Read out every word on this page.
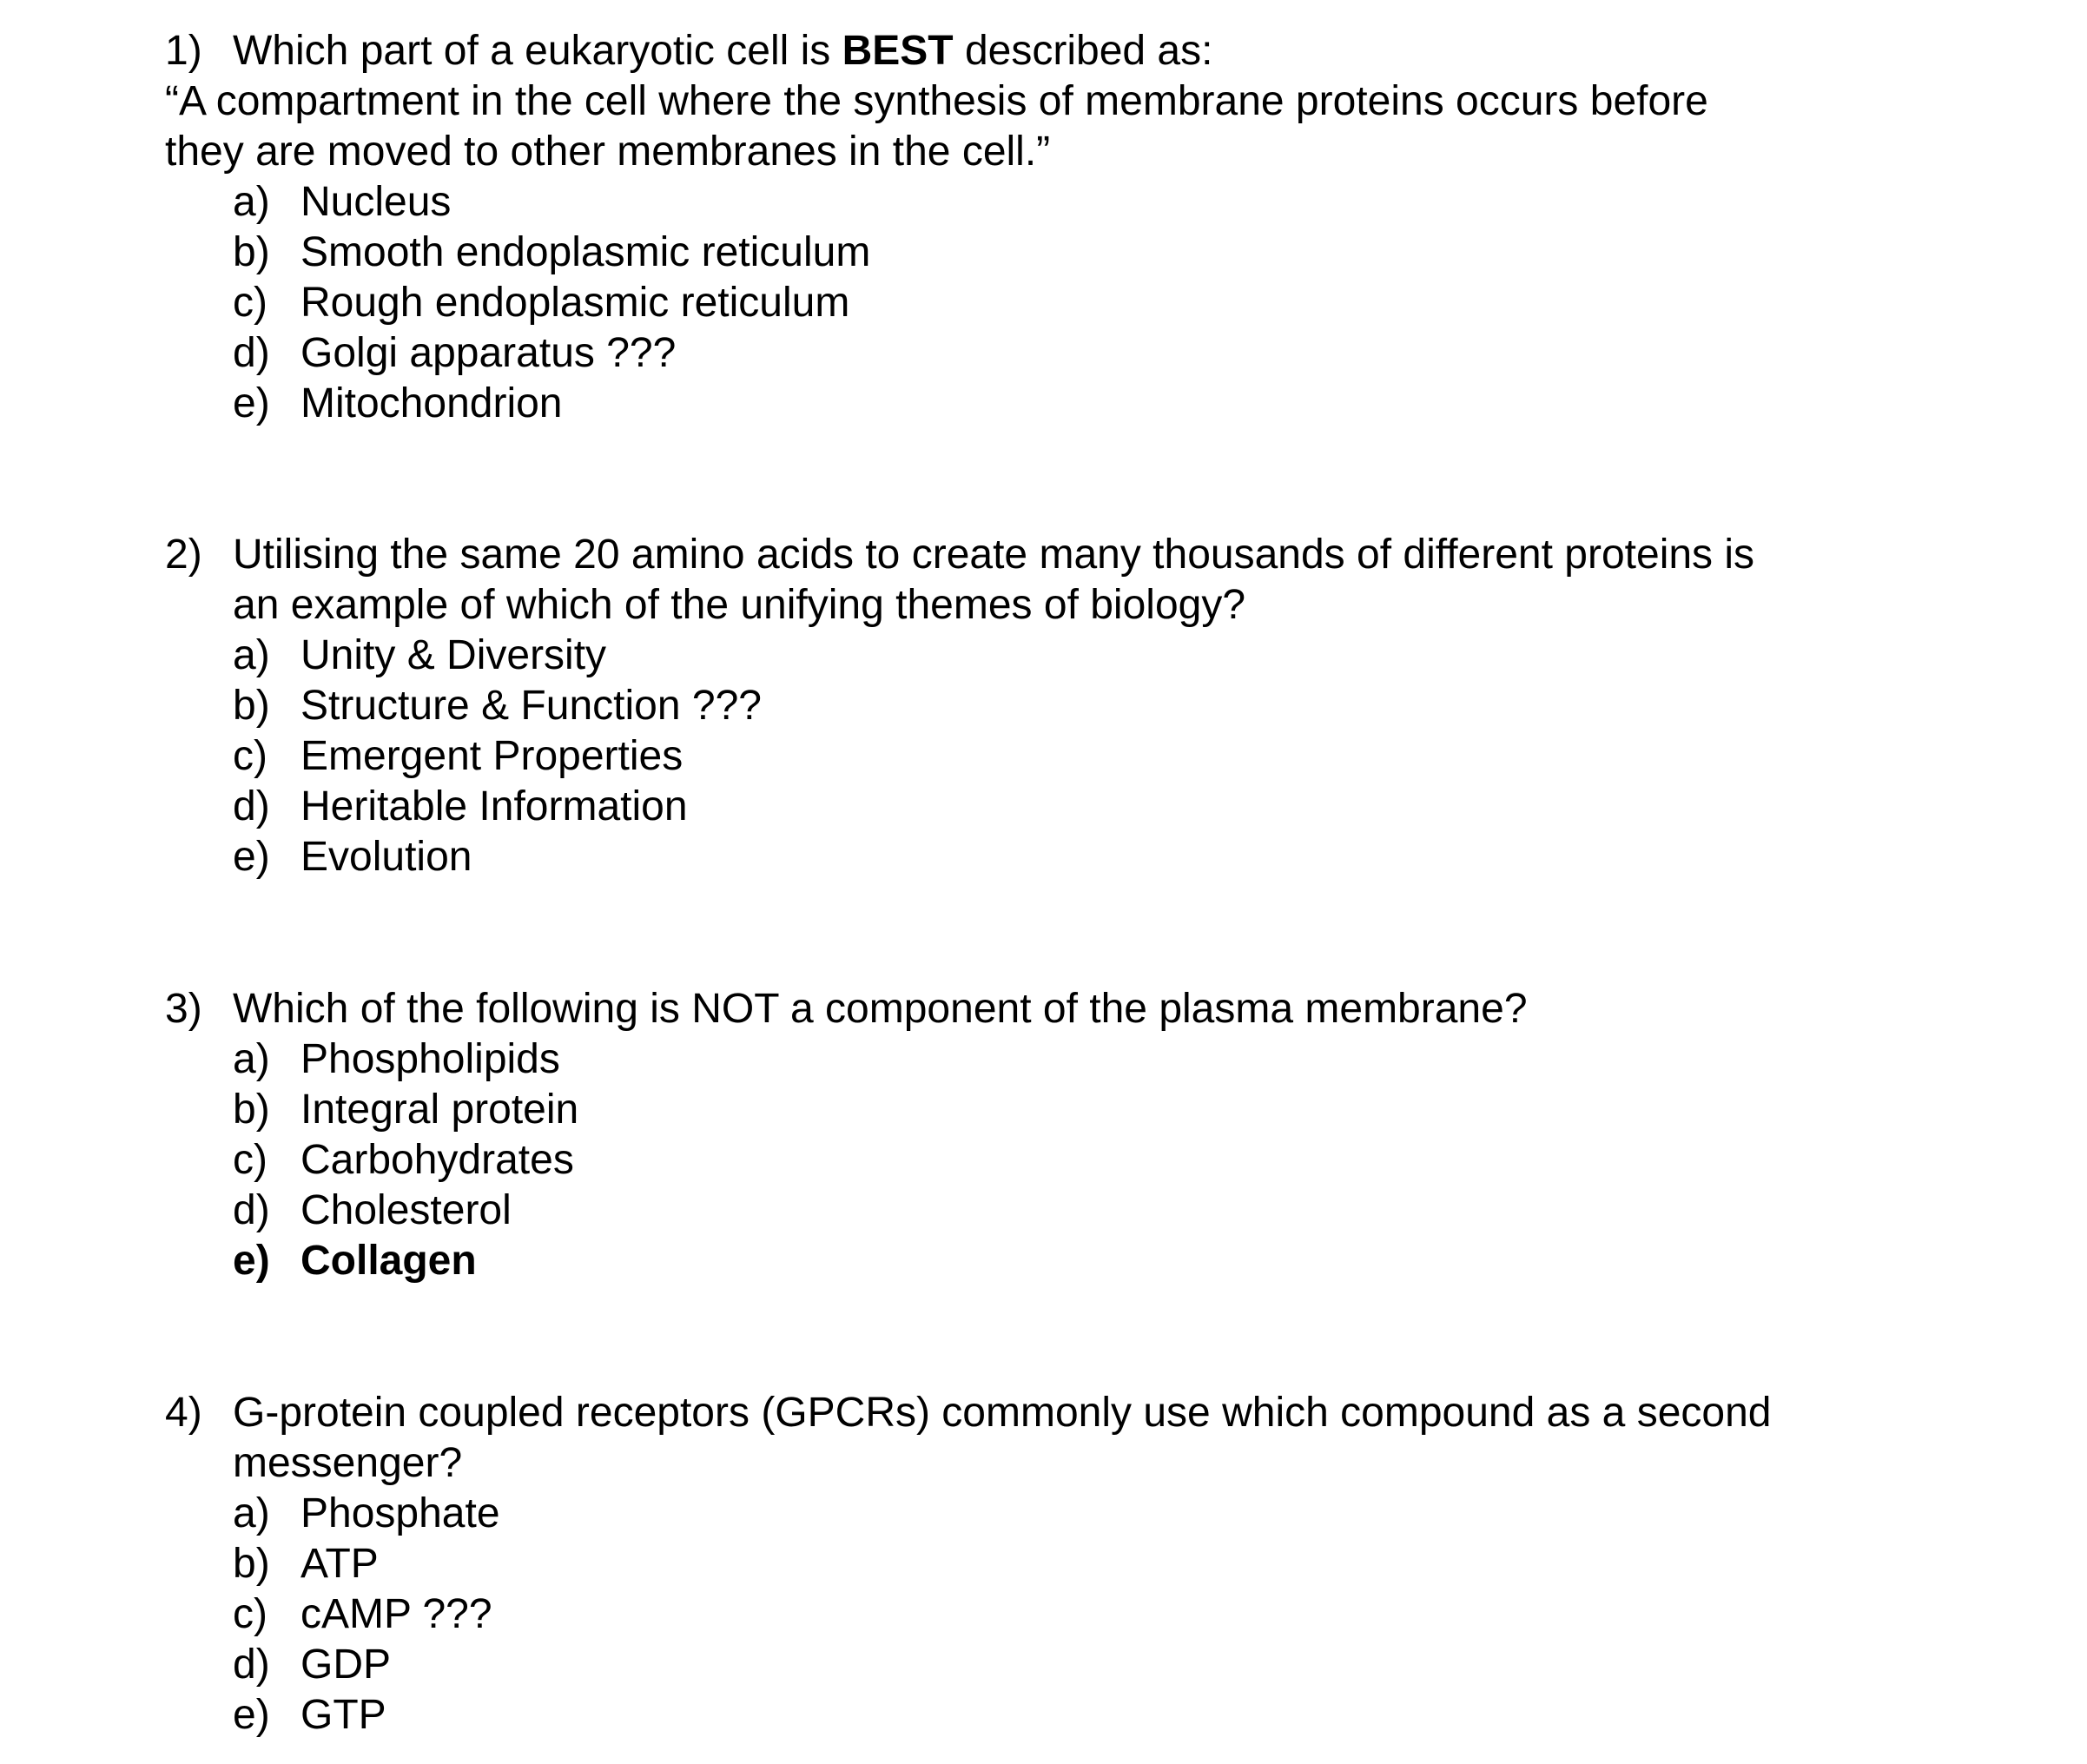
1) Which part of a eukaryotic cell is BEST described as:
“A compartment in the cell where the synthesis of membrane proteins occurs before
they are moved to other membranes in the cell.”
a) Nucleus
b) Smooth endoplasmic reticulum
c) Rough endoplasmic reticulum
d) Golgi apparatus ???
e) Mitochondrion
2) Utilising the same 20 amino acids to create many thousands of different proteins is
an example of which of the unifying themes of biology?
a) Unity & Diversity
b) Structure & Function ???
c) Emergent Properties
d) Heritable Information
e) Evolution
3) Which of the following is NOT a component of the plasma membrane?
a) Phospholipids
b) Integral protein
c) Carbohydrates
d) Cholesterol
e) Collagen
4) G-protein coupled receptors (GPCRs) commonly use which compound as a second
messenger?
a) Phosphate
b) ATP
c) cAMP ???
d) GDP
e) GTP
